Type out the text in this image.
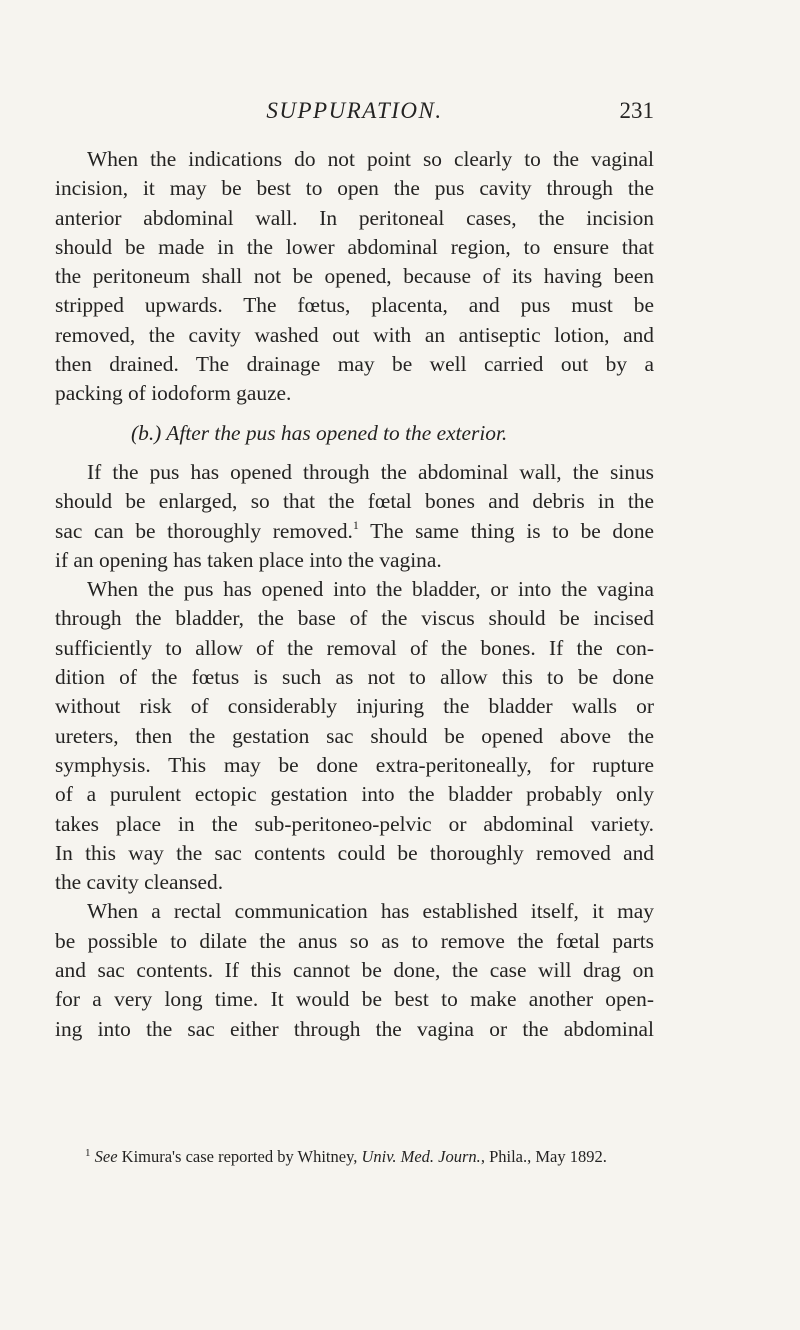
SUPPURATION.	231
When the indications do not point so clearly to the vaginal
incision, it may be best to open the pus cavity through the
anterior abdominal wall. In peritoneal cases, the incision
should be made in the lower abdominal region, to ensure that
the peritoneum shall not be opened, because of its having been
stripped upwards. The fœtus, placenta, and pus must be
removed, the cavity washed out with an antiseptic lotion, and
then drained. The drainage may be well carried out by a
packing of iodoform gauze.
(b.) After the pus has opened to the exterior.
If the pus has opened through the abdominal wall, the sinus
should be enlarged, so that the fœtal bones and debris in the
sac can be thoroughly removed.$^1$ The same thing is to be done
if an opening has taken place into the vagina.
When the pus has opened into the bladder, or into the vagina
through the bladder, the base of the viscus should be incised
sufficiently to allow of the removal of the bones. If the con-
dition of the fœtus is such as not to allow this to be done
without risk of considerably injuring the bladder walls or
ureters, then the gestation sac should be opened above the
symphysis. This may be done extra-peritoneally, for rupture
of a purulent ectopic gestation into the bladder probably only
takes place in the sub-peritoneo-pelvic or abdominal variety.
In this way the sac contents could be thoroughly removed and
the cavity cleansed.
When a rectal communication has established itself, it may
be possible to dilate the anus so as to remove the fœtal parts
and sac contents. If this cannot be done, the case will drag on
for a very long time. It would be best to make another open-
ing into the sac either through the vagina or the abdominal
$^1$ See Kimura's case reported by Whitney, Univ. Med. Journ., Phila., May 1892.
